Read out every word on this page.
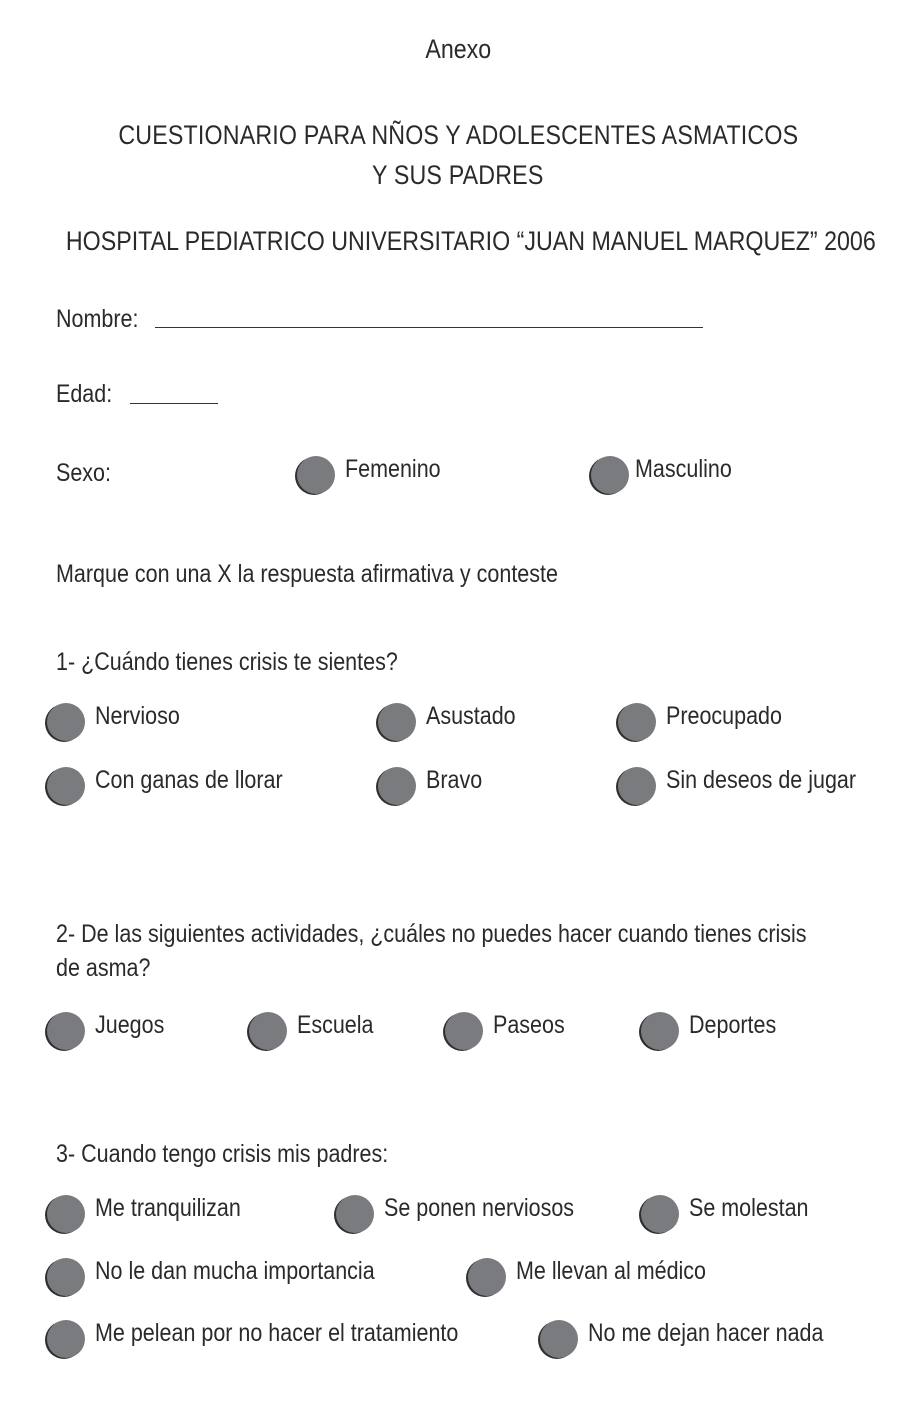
Anexo
CUESTIONARIO PARA NÑOS Y ADOLESCENTES ASMATICOS
Y SUS PADRES
HOSPITAL PEDIATRICO UNIVERSITARIO “JUAN MANUEL MARQUEZ” 2006
Nombre:
Edad:
Sexo:	Femenino	Masculino
Marque con una X la respuesta afirmativa y conteste
1- ¿Cuándo tienes crisis te sientes?
Nervioso	Asustado	Preocupado
Con ganas de llorar	Bravo	Sin deseos de jugar
2- De las siguientes actividades, ¿cuáles no puedes hacer cuando tienes crisis
de asma?
Juegos	Escuela	Paseos	Deportes
3- Cuando tengo crisis mis padres:
Me tranquilizan	Se ponen nerviosos	Se molestan
No le dan mucha importancia	Me llevan al médico
Me pelean por no hacer el tratamiento	No me dejan hacer nada
